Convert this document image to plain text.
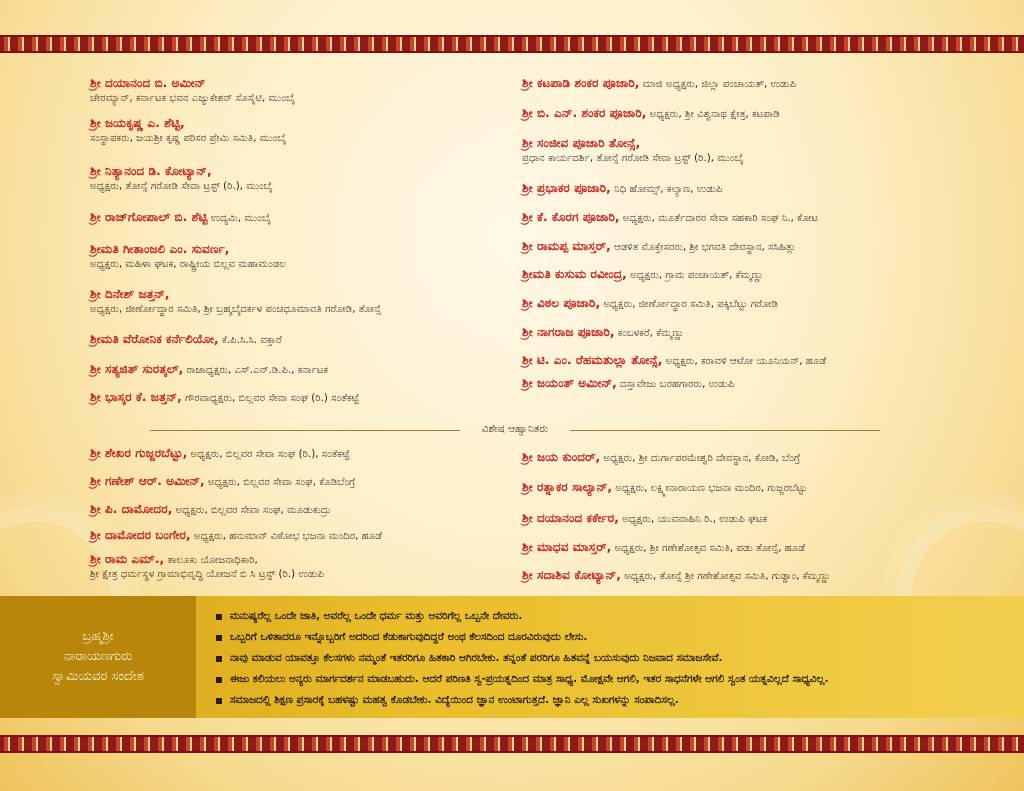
ಶ್ರೀ ದಯಾನಂದ ಬಿ. ಅಮೀನ್
ಚೇರಮ್ಯಾನ್, ಕರ್ನಾಟಕ ಭವನ ಎಜ್ಯುಕೇಶನ್ ಸೊಸೈಟಿ, ಮುಂಬೈ
ಶ್ರೀ ಜಯಕೃಷ್ಣ ಎ. ಶೆಟ್ಟಿ,
ಸಂಸ್ಥಾಪಕರು, ಜಯಶ್ರೀ ಕೃಷ್ಣ ಪರಿಸರ ಪ್ರೇಮಿ ಸಮಿತಿ, ಮುಂಬೈ
ಶ್ರೀ ನಿತ್ಯಾನಂದ ಡಿ. ಕೋಟ್ಯಾನ್,
ಅಧ್ಯಕ್ಷರು, ತೋನ್ಸೆ ಗರೋಡಿ ಸೇವಾ ಟ್ರಸ್ಟ್ (ರಿ.), ಮುಂಬೈ
ಶ್ರೀ ರಾಜ್‌ಗೋಪಾಲ್ ಬಿ. ಶೆಟ್ಟಿ ಉದ್ಯಮಿ, ಮುಂಬೈ
ಶ್ರೀಮತಿ ಗೀತಾಂಜಲಿ ಎಂ. ಸುವರ್ಣ,
ಅಧ್ಯಕ್ಷರು, ಮಹಿಳಾ ಘಟಕ, ರಾಷ್ಟ್ರೀಯ ಬಿಲ್ಲವ ಮಹಾಮಂಡಲ
ಶ್ರೀ ದಿನೇಶ್ ಜತ್ತನ್,
ಅಧ್ಯಕ್ಷರು, ಜೀರ್ಣೋದ್ಧಾರ ಸಮಿತಿ, ಶ್ರೀ ಬ್ರಹ್ಮಬೈದರ್ಕಳ ಪಂಚಧೂಮಾವತಿ ಗರೋಡಿ, ತೋನ್ಸೆ
ಶ್ರೀಮತಿ ವೆರೋನಿಕ ಕರ್ನೆಲಿಯೋ, ಕೆ.ಪಿ.ಸಿ.ಸಿ. ವಕ್ತಾರೆ
ಶ್ರೀ ಸತ್ಯಜಿತ್ ಸುರತ್ಕಲ್, ರಾಜಾಧ್ಯಕ್ಷರು, ಎಸ್.ಎನ್.ಡಿ.ಪಿ., ಕರ್ನಾಟಕ
ಶ್ರೀ ಭಾಸ್ಕರ ಕೆ. ಜತ್ತನ್, ಗೌರವಾಧ್ಯಕ್ಷರು, ಬಿಲ್ಲವರ ಸೇವಾ ಸಂಘ (ರಿ.) ಸಂತೆಕಟ್ಟೆ
ಶ್ರೀ ಕಟಪಾಡಿ ಶಂಕರ ಪೂಜಾರಿ, ಮಾಜಿ ಅಧ್ಯಕ್ಷರು, ಜಿಲ್ಲಾ ಪಂಚಾಯತ್, ಉಡುಪಿ
ಶ್ರೀ ಬಿ. ಎನ್. ಶಂಕರ ಪೂಜಾರಿ, ಅಧ್ಯಕ್ಷರು, ಶ್ರೀ ವಿಶ್ವನಾಥ ಕ್ಷೇತ್ರ, ಕಟಪಾಡಿ
ಶ್ರೀ ಸಂಜೀವ ಪೂಜಾರಿ ತೋನ್ಸೆ,
ಪ್ರಧಾನ ಕಾರ್ಯದರ್ಶಿ, ತೋನ್ಸೆ ಗರೋಡಿ ಸೇವಾ ಟ್ರಸ್ಟ್ (ರಿ.), ಮುಂಬೈ
ಶ್ರೀ ಪ್ರಭಾಕರ ಪೂಜಾರಿ, ನಿಧಿ ಹೋಮ್ಸ್, ಕಲ್ಯಾಣ, ಉಡುಪಿ
ಶ್ರೀ ಕೆ. ಕೊರಗ ಪೂಜಾರಿ, ಅಧ್ಯಕ್ಷರು, ಮೂರ್ತೆದಾರರ ಸೇವಾ ಸಹಕಾರಿ ಸಂಘ ನಿ., ಕೋಟ
ಶ್ರೀ ರಾಮಪ್ಪ ಮಾಸ್ತರ್, ಆಡಳಿತ ಮೊಕ್ತೇಸರರು, ಶ್ರೀ ಭಗವತಿ ದೇವಸ್ಥಾನ, ಸಸಿಹಿತ್ಲು
ಶ್ರೀಮತಿ ಕುಸುಮ ರವೀಂದ್ರ, ಅಧ್ಯಕ್ಷರು, ಗ್ರಾಮ ಪಂಚಾಯತ್, ಕೆಮ್ಮಣ್ಣು
ಶ್ರೀ ವಿಠಲ ಪೂಜಾರಿ, ಅಧ್ಯಕ್ಷರು, ಜೀರ್ಣೋದ್ಧಾರ ಸಮಿತಿ, ಪಕ್ಕಿಬೆಟ್ಟು ಗರೋಡಿ
ಶ್ರೀ ನಾಗರಾಜ ಪೂಜಾರಿ, ಕಂಬಳಕರೆ, ಕೆಮ್ಮಣ್ಣು
ಶ್ರೀ ಟಿ. ಎಂ. ರೆಹಮತುಲ್ಲಾ ತೋನ್ಸೆ, ಅಧ್ಯಕ್ಷರು, ಕರಾವಳಿ ಆಟೋ ಯೂನಿಯನ್, ಹೂಡೆ
ಶ್ರೀ ಜಯಂತ್ ಅಮೀನ್, ದಸ್ತಾವೇಜು ಬರಹಗಾರರು, ಉಡುಪಿ
ವಿಶೇಷ ಆಹ್ವಾನಿತರು
ಶ್ರೀ ಶೇಖರ ಗುಜ್ಜರಬೆಟ್ಟು, ಅಧ್ಯಕ್ಷರು, ಬಿಲ್ಲವರ ಸೇವಾ ಸಂಘ (ರಿ.), ಸಂತೆಕಟ್ಟೆ
ಶ್ರೀ ಗಣೇಶ್ ಆರ್. ಅಮೀನ್, ಅಧ್ಯಕ್ಷರು, ಬಿಲ್ಲವರ ಸೇವಾ ಸಂಘ, ಕೊಡಿಬೆಂಗ್ರೆ
ಶ್ರೀ ಪಿ. ದಾಮೋದರ, ಅಧ್ಯಕ್ಷರು, ಬಿಲ್ಲವರ ಸೇವಾ ಸಂಘ, ಮೂಡುಕುದ್ರು
ಶ್ರೀ ದಾಮೋದರ ಬಂಗೇರ, ಅಧ್ಯಕ್ಷರು, ಹನುಮಾನ್ ವಿಠೋಭ ಭಜನಾ ಮಂದಿರ, ಹೂಡೆ
ಶ್ರೀ ರಾಮ ಎಮ್., ತಾಲೂಕು ಯೋಜನಾಧಿಕಾರಿ,
ಶ್ರೀ ಕ್ಷೇತ್ರ ಧರ್ಮಸ್ಥಳ ಗ್ರಾಮಾಭಿವೃದ್ಧಿ ಯೋಜನೆ ಬಿ ಸಿ ಟ್ರಸ್ಟ್ (ರಿ.) ಉಡುಪಿ
ಶ್ರೀ ಜಯ ಕುಂದರ್, ಅಧ್ಯಕ್ಷರು, ಶ್ರೀ ದುರ್ಗಾಪರಮೇಶ್ವರಿ ದೇವಸ್ಥಾನ, ಕೋಡಿ, ಬೆಂಗ್ರೆ
ಶ್ರೀ ರತ್ನಾಕರ ಸಾಲ್ಯಾನ್, ಅಧ್ಯಕ್ಷರು, ಲಕ್ಷ್ಮೀನಾರಾಯಣ ಭಜನಾ ಮಂದಿರ, ಗುಜ್ಜರಬೆಟ್ಟು
ಶ್ರೀ ದಯಾನಂದ ಕರ್ಕೇರ, ಅಧ್ಯಕ್ಷರು, ಯುವವಾಹಿನಿ ರಿ., ಉಡುಪಿ ಘಟಕ
ಶ್ರೀ ಮಾಧವ ಮಾಸ್ತರ್, ಅಧ್ಯಕ್ಷರು, ಶ್ರೀ ಗಣೇಶೋತ್ಸವ ಸಮಿತಿ, ಪಡು ತೋನ್ಸೆ, ಹೂಡೆ
ಶ್ರೀ ಸದಾಶಿವ ಕೋಟ್ಯಾನ್, ಅಧ್ಯಕ್ಷರು, ತೋನ್ಸೆ ಶ್ರೀ ಗಣೇಶೋತ್ಸವ ಸಮಿತಿ, ಗುಡ್ಡಾಂ, ಕೆಮ್ಮಣ್ಣು
ಬ್ರಹ್ಮಶ್ರೀ
ನಾರಾಯಣಗುರು
ಸ್ವಾಮಿಯವರ ಸಂದೇಶ
ಮನುಷ್ಯರೆಲ್ಲ ಒಂದೇ ಜಾತಿ, ಅವರೆಲ್ಲ ಒಂದೇ ಧರ್ಮ ಮತ್ತು ಅವರಿಗೆಲ್ಲ ಒಬ್ಬನೇ ದೇವರು.
ಒಬ್ಬರಿಗೆ ಒಳಿತಾದರೂ ಇನ್ನೊಬ್ಬರಿಗೆ ಅದರಿಂದ ಕೆಡುಕಾಗುವುದಿದ್ದರೆ ಅಂಥ ಕೆಲಸದಿಂದ ದೂರವಿರುವುದು ಲೇಸು.
ನಾವು ಮಾಡುವ ಯಾವತ್ತೂ ಕೆಲಸಗಳು ನಮ್ಮಂತೆ ಇತರರಿಗೂ ಹಿತಕಾರಿ ಆಗಿರಬೇಕು. ತನ್ನಂತೆ ಪರರಿಗೂ ಹಿತವನ್ನೆ ಬಯಸುವುದು ನಿಜವಾದ ಸಮಾಜಸೇವೆ.
ಈಜು ಕಲಿಯಲು ಅನ್ಯರು ಮಾರ್ಗದರ್ಶನ ಮಾಡಬಹುದು. ಆದರೆ ಪರಿಣತಿ ಸ್ವ-ಪ್ರಯತ್ನದಿಂದ ಮಾತ್ರ ಸಾಧ್ಯ. ಮೋಕ್ಷವೇ ಆಗಲಿ, ಇತರ ಸಾಧನೆಗಳೇ ಆಗಲಿ ಸ್ವಂತ ಯತ್ನವಿಲ್ಲದೆ ಸಾಧ್ಯವಿಲ್ಲ.
ಸಮಾಜದಲ್ಲಿ ಶಿಕ್ಷಣ ಪ್ರಸಾರಕ್ಕೆ ಬಹಳಷ್ಟು ಮಹತ್ವ ಕೊಡಬೇಕು. ವಿದ್ಯೆಯಿಂದ ಜ್ಞಾನ ಉಂಟಾಗುತ್ತದೆ. ಜ್ಞಾನಿ ಎಲ್ಲ ಸುಖಗಳನ್ನು ಸಂಪಾದಿಸಲ್ಲ.
